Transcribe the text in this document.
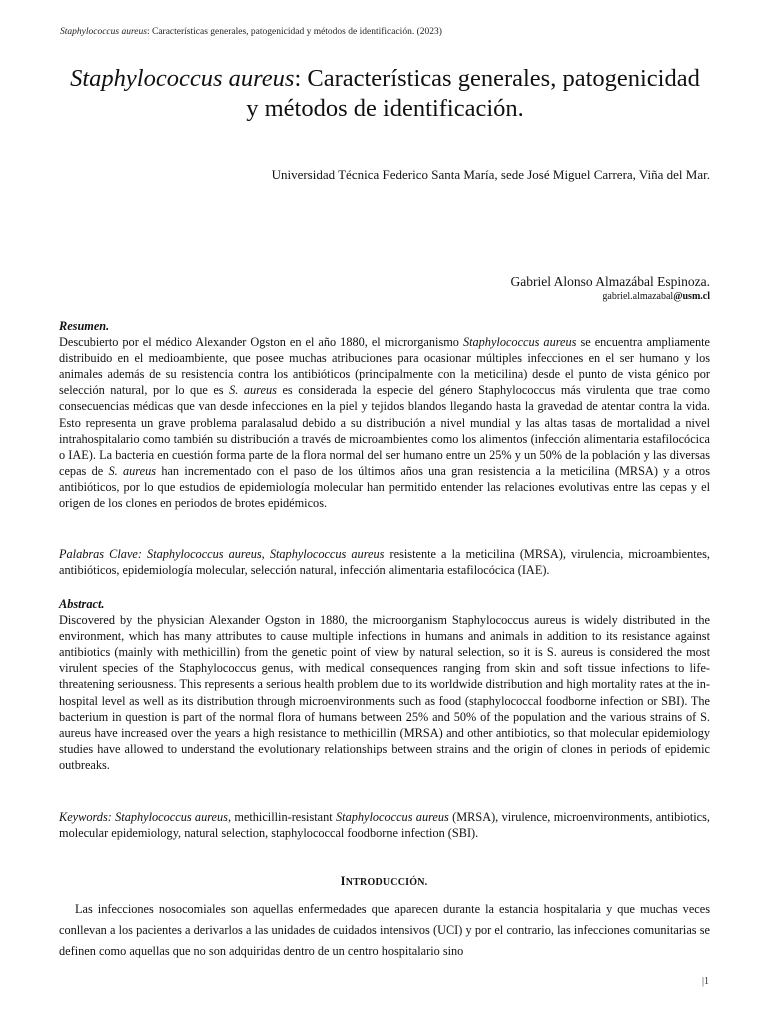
Staphylococcus aureus: Características generales, patogenicidad y métodos de identificación. (2023)
Staphylococcus aureus: Características generales, patogenicidad
y métodos de identificación.
Universidad Técnica Federico Santa María, sede José Miguel Carrera, Viña del Mar.
Gabriel Alonso Almazábal Espinoza.
gabriel.almazabal@usm.cl
Resumen.
Descubierto por el médico Alexander Ogston en el año 1880, el microrganismo Staphylococcus aureus se encuentra ampliamente distribuido en el medioambiente, que posee muchas atribuciones para ocasionar múltiples infecciones en el ser humano y los animales además de su resistencia contra los antibióticos (principalmente con la meticilina) desde el punto de vista génico por selección natural, por lo que es S. aureus es considerada la especie del género Staphylococcus más virulenta que trae como consecuencias médicas que van desde infecciones en la piel y tejidos blandos llegando hasta la gravedad de atentar contra la vida. Esto representa un grave problema paralasalud debido a su distribución a nivel mundial y las altas tasas de mortalidad a nivel intrahospitalario como también su distribución a través de microambientes como los alimentos (infección alimentaria estafilocócica o IAE). La bacteria en cuestión forma parte de la flora normal del ser humano entre un 25% y un 50% de la población y las diversas cepas de S. aureus han incrementado con el paso de los últimos años una gran resistencia a la meticilina (MRSA) y a otros antibióticos, por lo que estudios de epidemiología molecular han permitido entender las relaciones evolutivas entre las cepas y el origen de los clones en periodos de brotes epidémicos.
Palabras Clave: Staphylococcus aureus, Staphylococcus aureus resistente a la meticilina (MRSA), virulencia, microambientes, antibióticos, epidemiología molecular, selección natural, infección alimentaria estafilocócica (IAE).
Abstract.
Discovered by the physician Alexander Ogston in 1880, the microorganism Staphylococcus aureus is widely distributed in the environment, which has many attributes to cause multiple infections in humans and animals in addition to its resistance against antibiotics (mainly with methicillin) from the genetic point of view by natural selection, so it is S. aureus is considered the most virulent species of the Staphylococcus genus, with medical consequences ranging from skin and soft tissue infections to life-threatening seriousness. This represents a serious health problem due to its worldwide distribution and high mortality rates at the in-hospital level as well as its distribution through microenvironments such as food (staphylococcal foodborne infection or SBI). The bacterium in question is part of the normal flora of humans between 25% and 50% of the population and the various strains of S. aureus have increased over the years a high resistance to methicillin (MRSA) and other antibiotics, so that molecular epidemiology studies have allowed to understand the evolutionary relationships between strains and the origin of clones in periods of epidemic outbreaks.
Keywords: Staphylococcus aureus, methicillin-resistant Staphylococcus aureus (MRSA), virulence, microenvironments, antibiotics, molecular epidemiology, natural selection, staphylococcal foodborne infection (SBI).
INTRODUCCIÓN.
Las infecciones nosocomiales son aquellas enfermedades que aparecen durante la estancia hospitalaria y que muchas veces conllevan a los pacientes a derivarlos a las unidades de cuidados intensivos (UCI) y por el contrario, las infecciones comunitarias se definen como aquellas que no son adquiridas dentro de un centro hospitalario sino
|1
